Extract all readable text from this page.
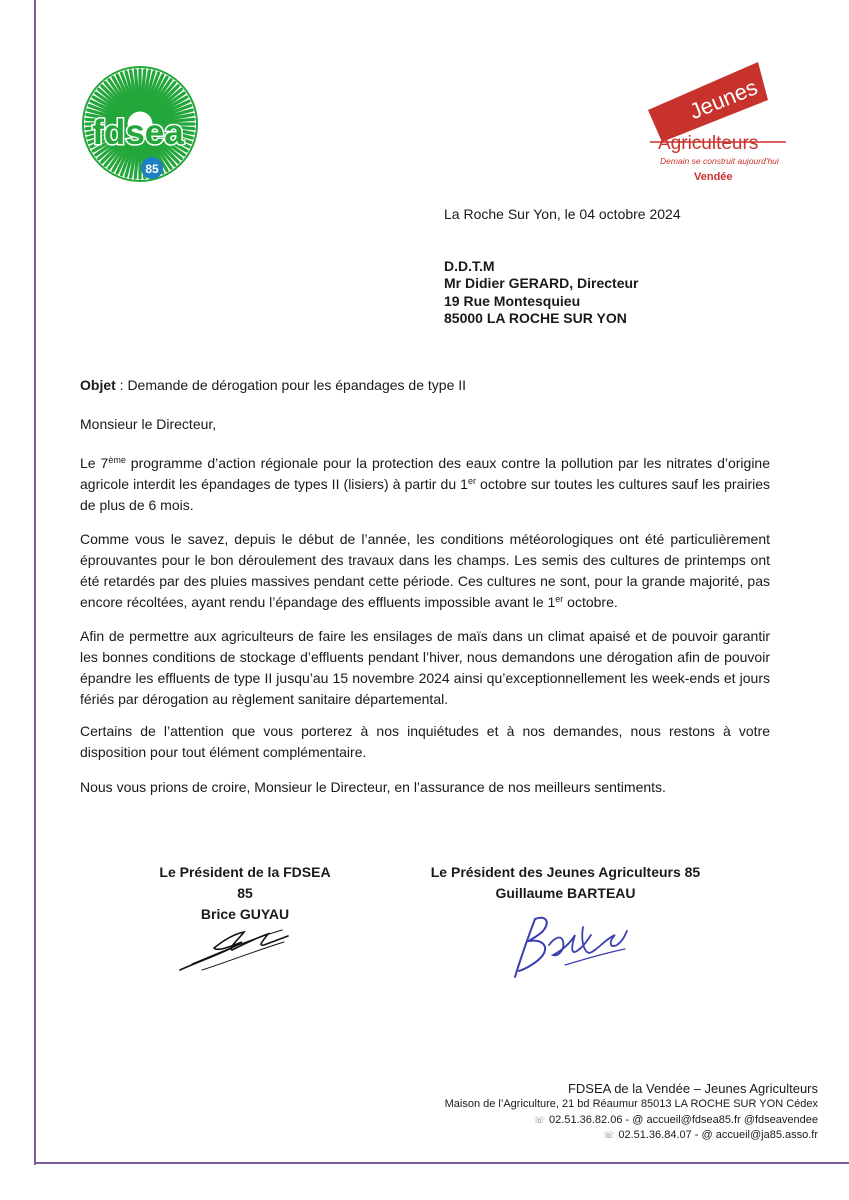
fdsea
85
Jeunes
Agriculteurs
Demain se construit aujourd'hui
Vendée
La Roche Sur Yon, le 04 octobre 2024
D.D.T.M
Mr Didier GERARD, Directeur
19 Rue Montesquieu
85000 LA ROCHE SUR YON
Objet : Demande de dérogation pour les épandages de type II
Monsieur le Directeur,
Le 7ème programme d’action régionale pour la protection des eaux contre la pollution par les nitrates d’origine agricole interdit les épandages de types II (lisiers) à partir du 1er octobre sur toutes les cultures sauf les prairies de plus de 6 mois.
Comme vous le savez, depuis le début de l’année, les conditions météorologiques ont été particulièrement éprouvantes pour le bon déroulement des travaux dans les champs. Les semis des cultures de printemps ont été retardés par des pluies massives pendant cette période. Ces cultures ne sont, pour la grande majorité, pas encore récoltées, ayant rendu l’épandage des effluents impossible avant le 1er octobre.
Afin de permettre aux agriculteurs de faire les ensilages de maïs dans un climat apaisé et de pouvoir garantir les bonnes conditions de stockage d’effluents pendant l’hiver, nous demandons une dérogation afin de pouvoir épandre les effluents de type II jusqu’au 15 novembre 2024 ainsi qu’exceptionnellement les week-ends et jours fériés par dérogation au règlement sanitaire départemental.
Certains de l’attention que vous porterez à nos inquiétudes et à nos demandes, nous restons à votre disposition pour tout élément complémentaire.
Nous vous prions de croire, Monsieur le Directeur, en l’assurance de nos meilleurs sentiments.
Le Président de la FDSEA 85
Brice GUYAU
Le Président des Jeunes Agriculteurs 85
Guillaume BARTEAU
FDSEA de la Vendée – Jeunes Agriculteurs
Maison de l’Agriculture, 21 bd Réaumur 85013 LA ROCHE SUR YON Cédex
☏ 02.51.36.82.06 - @ accueil@fdsea85.fr @fdseavendee
☏ 02.51.36.84.07 - @ accueil@ja85.asso.fr
